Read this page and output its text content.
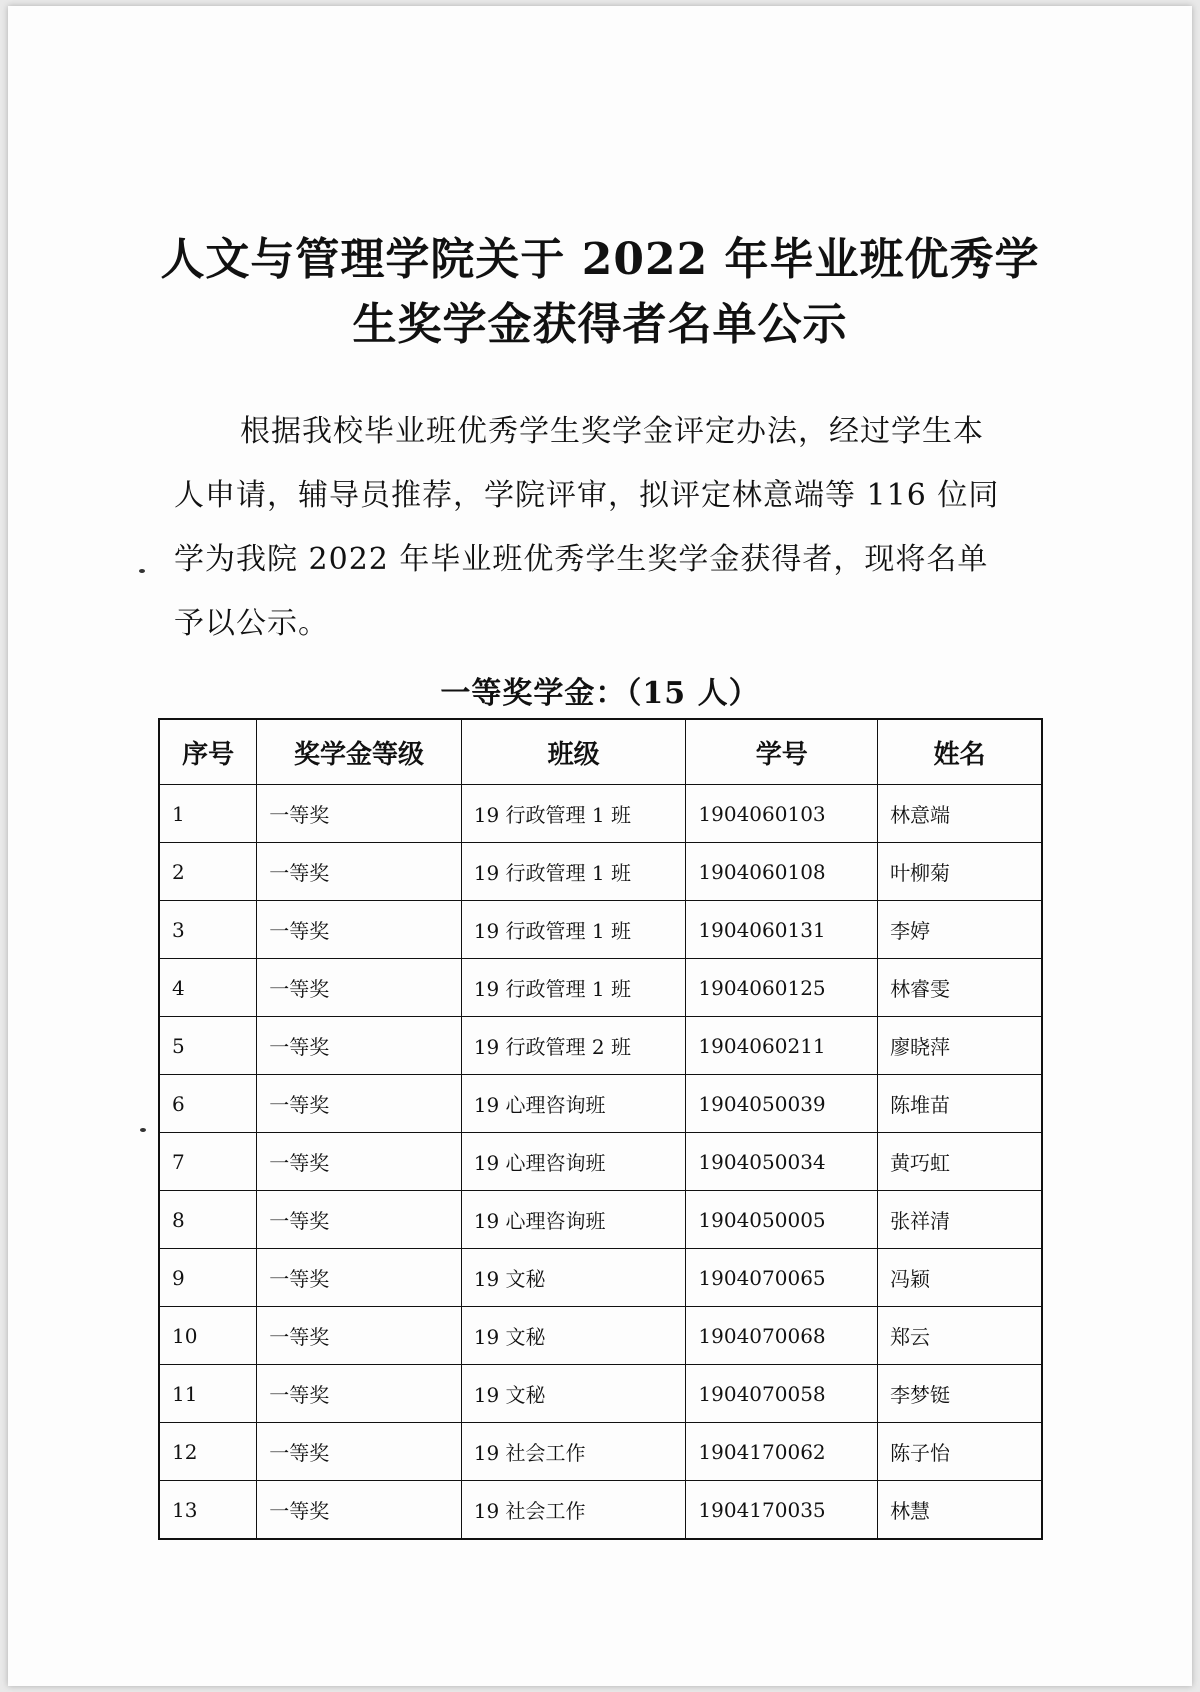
人文与管理学院关于 2022 年毕业班优秀学
生奖学金获得者名单公示
根据我校毕业班优秀学生奖学金评定办法，经过学生本
人申请，辅导员推荐，学院评审，拟评定林意端等 116 位同
学为我院 2022 年毕业班优秀学生奖学金获得者，现将名单
予以公示。
一等奖学金：（15 人）
序号	奖学金等级	班级	学号	姓名
1	一等奖	19 行政管理 1 班	1904060103	林意端
2	一等奖	19 行政管理 1 班	1904060108	叶柳菊
3	一等奖	19 行政管理 1 班	1904060131	李婷
4	一等奖	19 行政管理 1 班	1904060125	林睿雯
5	一等奖	19 行政管理 2 班	1904060211	廖晓萍
6	一等奖	19 心理咨询班	1904050039	陈堆苗
7	一等奖	19 心理咨询班	1904050034	黄巧虹
8	一等奖	19 心理咨询班	1904050005	张祥清
9	一等奖	19 文秘	1904070065	冯颖
10	一等奖	19 文秘	1904070068	郑云
11	一等奖	19 文秘	1904070058	李梦铤
12	一等奖	19 社会工作	1904170062	陈子怡
13	一等奖	19 社会工作	1904170035	林慧
